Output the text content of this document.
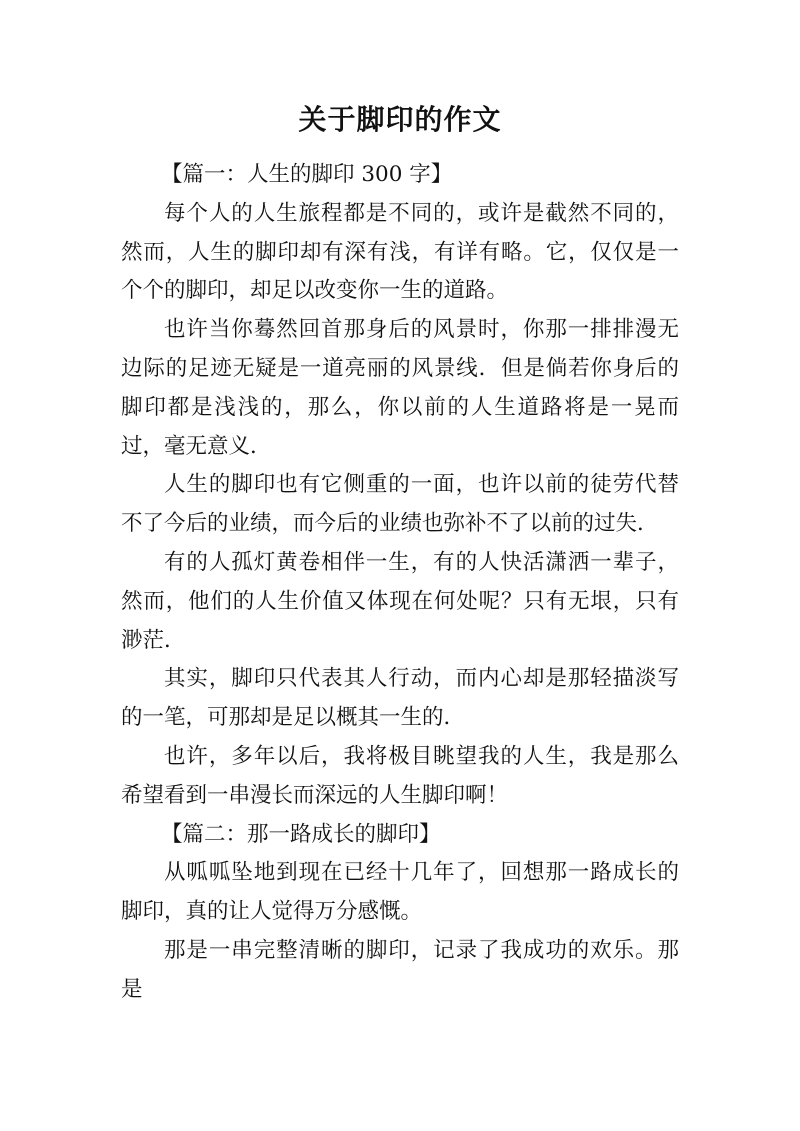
关于脚印的作文

【篇一：人生的脚印 300 字】

每个人的人生旅程都是不同的，或许是截然不同的，然而，人生的脚印却有深有浅，有详有略。它，仅仅是一个个的脚印，却足以改变你一生的道路。

也许当你蓦然回首那身后的风景时，你那一排排漫无边际的足迹无疑是一道亮丽的风景线．但是倘若你身后的脚印都是浅浅的，那么，你以前的人生道路将是一晃而过，毫无意义．

人生的脚印也有它侧重的一面，也许以前的徒劳代替不了今后的业绩，而今后的业绩也弥补不了以前的过失．

有的人孤灯黄卷相伴一生，有的人快活潇洒一辈子，然而，他们的人生价值又体现在何处呢？只有无垠，只有渺茫．

其实，脚印只代表其人行动，而内心却是那轻描淡写的一笔，可那却是足以概其一生的．

也许，多年以后，我将极目眺望我的人生，我是那么希望看到一串漫长而深远的人生脚印啊！

【篇二：那一路成长的脚印】

从呱呱坠地到现在已经十几年了，回想那一路成长的脚印，真的让人觉得万分感慨。

那是一串完整清晰的脚印，记录了我成功的欢乐。那是
